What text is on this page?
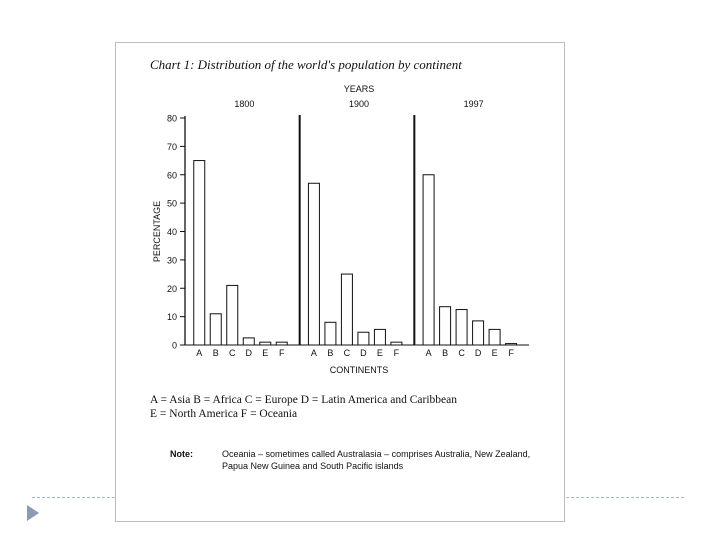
Chart 1: Distribution of the world's population by continent
0
10
20
30
40
50
60
70
80
PERCENTAGE
YEARS
CONTINENTS
1800
A B C D E F
1900
A B C D E F
1997
A B C D E F
A = Asia B = Africa C = Europe D = Latin America and Caribbean
E = North America F = Oceania
Note:	Oceania – sometimes called Australasia – comprises Australia, New Zealand, Papua New Guinea and South Pacific islands
